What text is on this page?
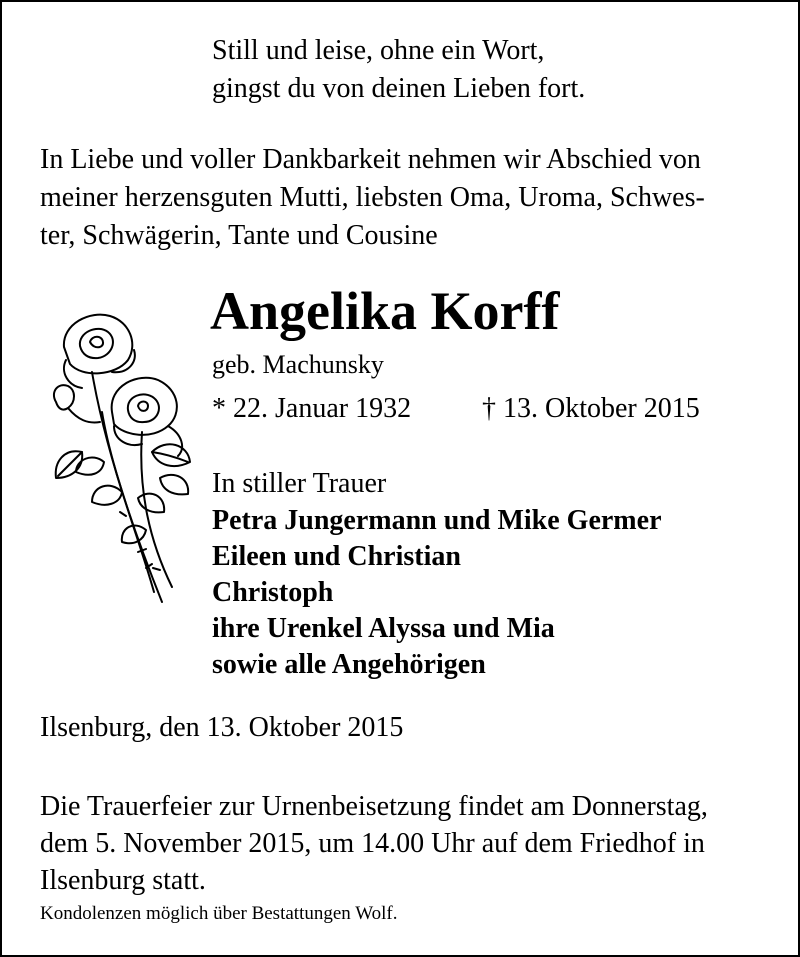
Still und leise, ohne ein Wort,
gingst du von deinen Lieben fort.
In Liebe und voller Dankbarkeit nehmen wir Abschied von
meiner herzensguten Mutti, liebsten Oma, Uroma, Schwes-
ter, Schwägerin, Tante und Cousine
Angelika Korff
geb. Machunsky
* 22. Januar 1932	† 13. Oktober 2015
In stiller Trauer
Petra Jungermann und Mike Germer
Eileen und Christian
Christoph
ihre Urenkel Alyssa und Mia
sowie alle Angehörigen
Ilsenburg, den 13. Oktober 2015
Die Trauerfeier zur Urnenbeisetzung findet am Donnerstag,
dem 5. November 2015, um 14.00 Uhr auf dem Friedhof in
Ilsenburg statt.
Kondolenzen möglich über Bestattungen Wolf.
